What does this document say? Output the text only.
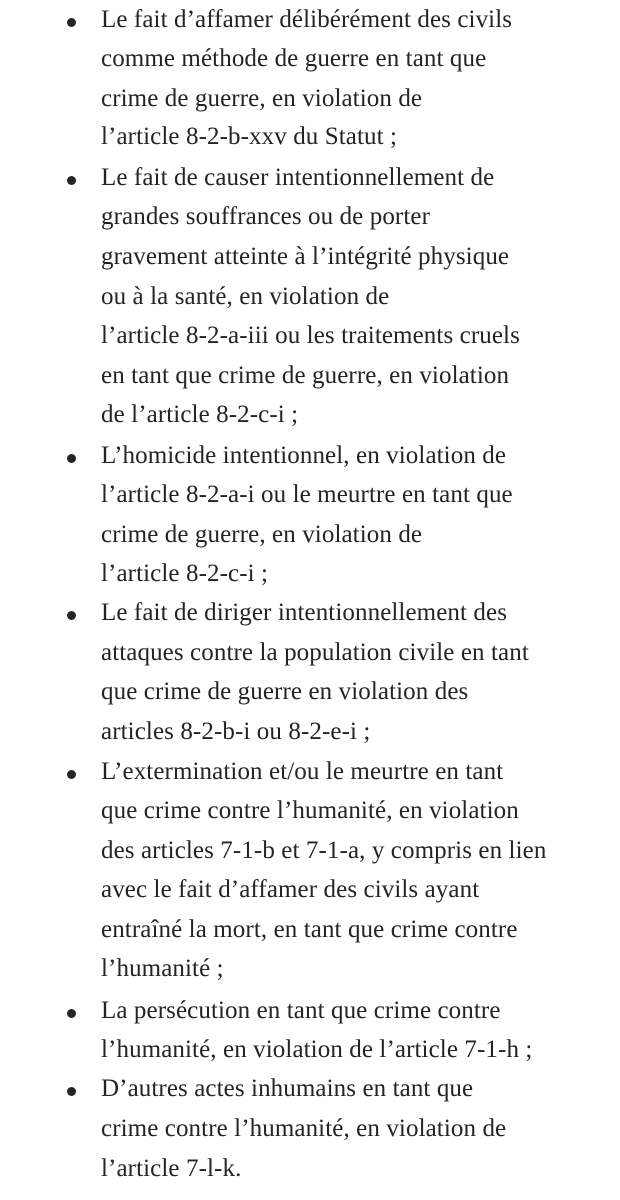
Le fait d’affamer délibérément des civils
comme méthode de guerre en tant que
crime de guerre, en violation de
l’article 8-2-b-xxv du Statut ;
Le fait de causer intentionnellement de
grandes souffrances ou de porter
gravement atteinte à l’intégrité physique
ou à la santé, en violation de
l’article 8-2-a-iii ou les traitements cruels
en tant que crime de guerre, en violation
de l’article 8-2-c-i ;
L’homicide intentionnel, en violation de
l’article 8-2-a-i ou le meurtre en tant que
crime de guerre, en violation de
l’article 8-2-c-i ;
Le fait de diriger intentionnellement des
attaques contre la population civile en tant
que crime de guerre en violation des
articles 8-2-b-i ou 8-2-e-i ;
L’extermination et/ou le meurtre en tant
que crime contre l’humanité, en violation
des articles 7-1-b et 7-1-a, y compris en lien
avec le fait d’affamer des civils ayant
entraîné la mort, en tant que crime contre
l’humanité ;
La persécution en tant que crime contre
l’humanité, en violation de l’article 7-1-h ;
D’autres actes inhumains en tant que
crime contre l’humanité, en violation de
l’article 7-l-k.
